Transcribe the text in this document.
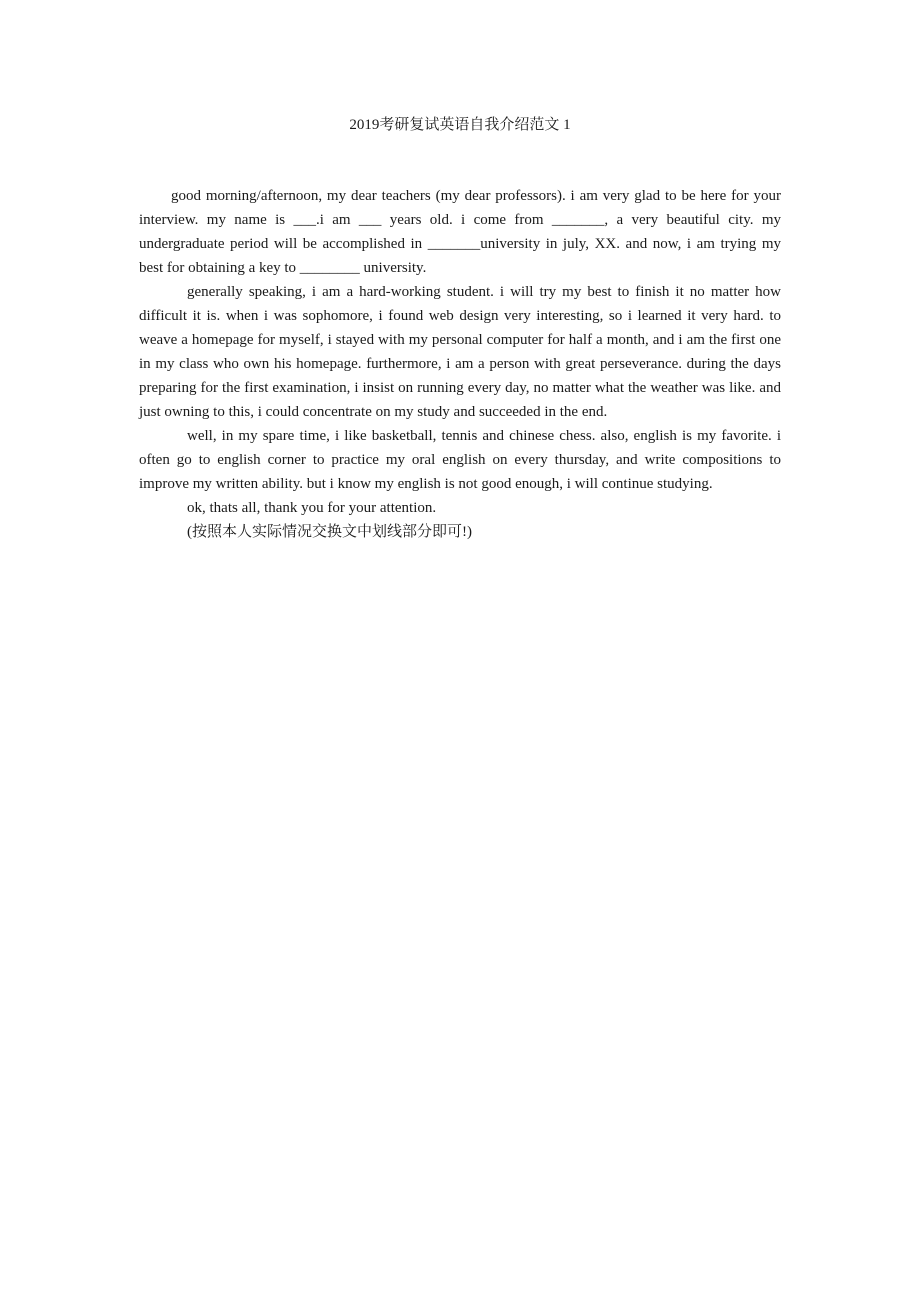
2019考研复试英语自我介绍范文 1

good morning/afternoon, my dear teachers (my dear professors). i am very glad to be here for your interview. my name is ___.i am ___ years old. i come from _______, a very beautiful city. my undergraduate period will be accomplished in _______university in july, XX. and now, i am trying my best for obtaining a key to ________ university.

generally speaking, i am a hard-working student. i will try my best to finish it no matter how difficult it is. when i was sophomore, i found web design very interesting, so i learned it very hard. to weave a homepage for myself, i stayed with my personal computer for half a month, and i am the first one in my class who own his homepage. furthermore, i am a person with great perseverance. during the days preparing for the first examination, i insist on running every day, no matter what the weather was like. and just owning to this, i could concentrate on my study and succeeded in the end.

well, in my spare time, i like basketball, tennis and chinese chess. also, english is my favorite. i often go to english corner to practice my oral english on every thursday, and write compositions to improve my written ability. but i know my english is not good enough, i will continue studying.

ok, thats all, thank you for your attention.

(按照本人实际情况交换文中划线部分即可!)
